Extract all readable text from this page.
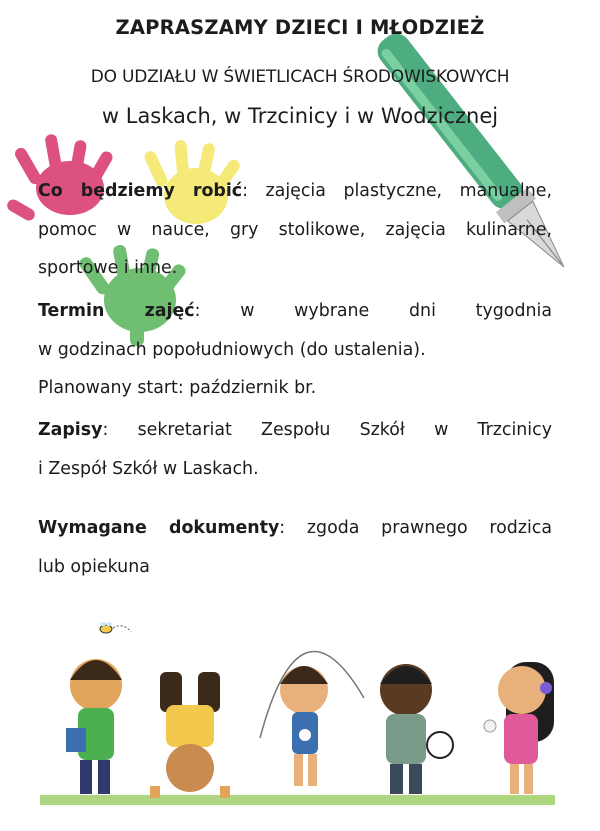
ZAPRASZAMY DZIECI I MŁODZIEŻ
DO UDZIAŁU W ŚWIETLICACH ŚRODOWISKOWYCH
w Laskach, w Trzcinicy i w Wodzicznej
Co będziemy robić: zajęcia plastyczne, manualne,
pomoc w nauce, gry stolikowe, zajęcia kulinarne,
sportowe i inne.
Termin zajęć: w wybrane dni tygodnia
w godzinach popołudniowych (do ustalenia).
Planowany start: październik br.
Zapisy: sekretariat Zespołu Szkół w Trzcinicy
i Zespół Szkół w Laskach.
Wymagane dokumenty: zgoda prawnego rodzica
lub opiekuna
